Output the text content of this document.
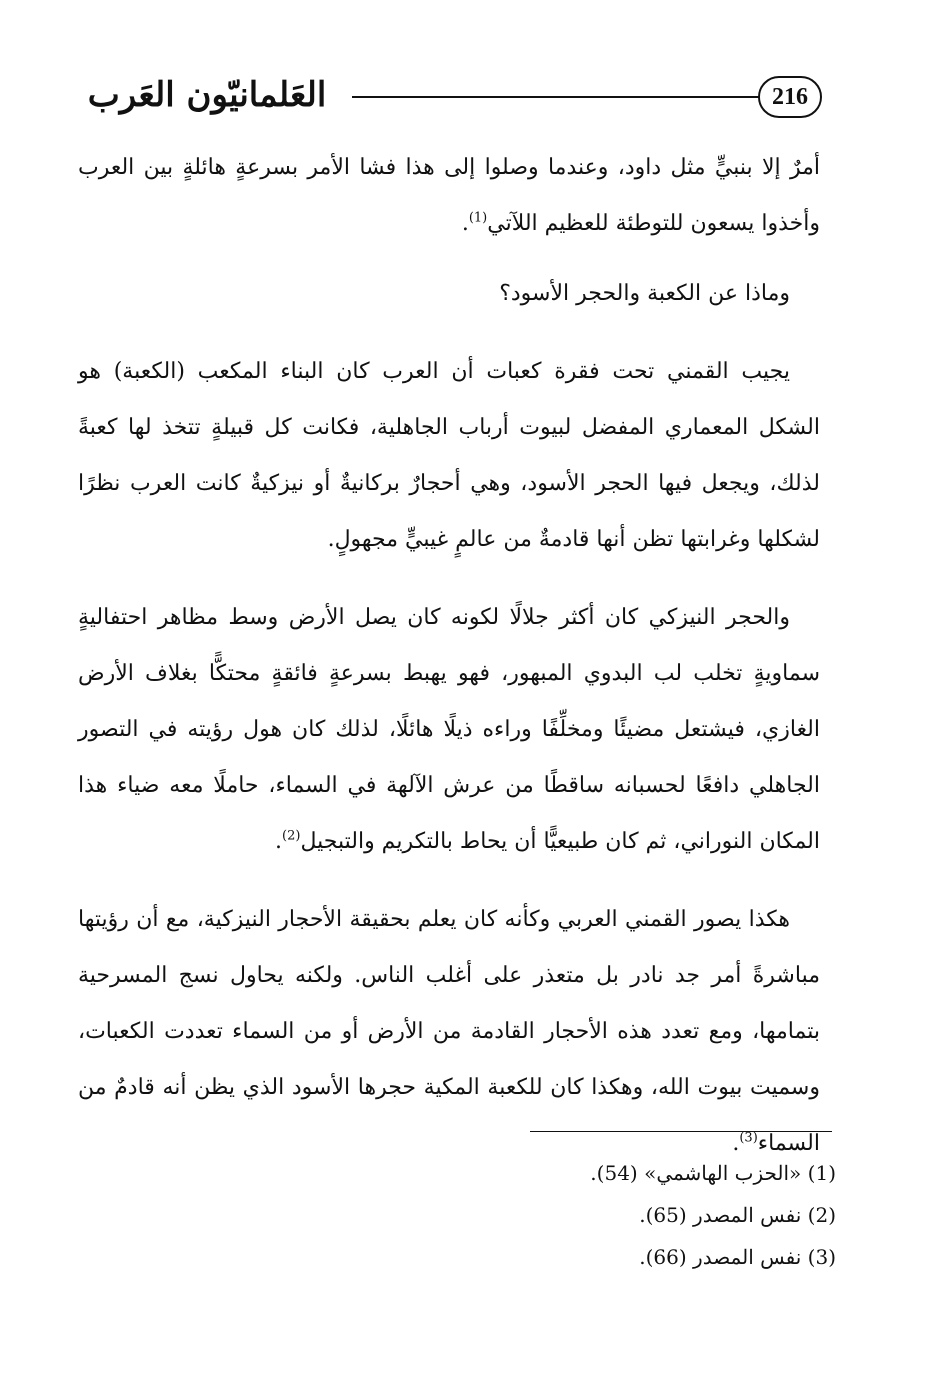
العَلمانيّون العَرب	216

أمرٌ إلا بنبيٍّ مثل داود، وعندما وصلوا إلى هذا فشا الأمر بسرعةٍ هائلةٍ بين العرب وأخذوا يسعون للتوطئة للعظيم اللآتي$^{(1)}$.

وماذا عن الكعبة والحجر الأسود؟

يجيب القمني تحت فقرة كعبات أن العرب كان البناء المكعب (الكعبة) هو الشكل المعماري المفضل لبيوت أرباب الجاهلية، فكانت كل قبيلةٍ تتخذ لها كعبةً لذلك، ويجعل فيها الحجر الأسود، وهي أحجارٌ بركانيةٌ أو نيزكيةٌ كانت العرب نظرًا لشكلها وغرابتها تظن أنها قادمةٌ من عالمٍ غيبيٍّ مجهولٍ.

والحجر النيزكي كان أكثر جلالًا لكونه كان يصل الأرض وسط مظاهر احتفاليةٍ سماويةٍ تخلب لب البدوي المبهور، فهو يهبط بسرعةٍ فائقةٍ محتكًّا بغلاف الأرض الغازي، فيشتعل مضيئًا ومخلِّفًا وراءه ذيلًا هائلًا، لذلك كان هول رؤيته في التصور الجاهلي دافعًا لحسبانه ساقطًا من عرش الآلهة في السماء، حاملًا معه ضياء هذا المكان النوراني، ثم كان طبيعيًّا أن يحاط بالتكريم والتبجيل$^{(2)}$.

هكذا يصور القمني العربي وكأنه كان يعلم بحقيقة الأحجار النيزكية، مع أن رؤيتها مباشرةً أمر جد نادر بل متعذر على أغلب الناس. ولكنه يحاول نسج المسرحية بتمامها، ومع تعدد هذه الأحجار القادمة من الأرض أو من السماء تعددت الكعبات، وسميت بيوت الله، وهكذا كان للكعبة المكية حجرها الأسود الذي يظن أنه قادمٌ من السماء$^{(3)}$.

(1) «الحزب الهاشمي» (54).
(2) نفس المصدر (65).
(3) نفس المصدر (66).
